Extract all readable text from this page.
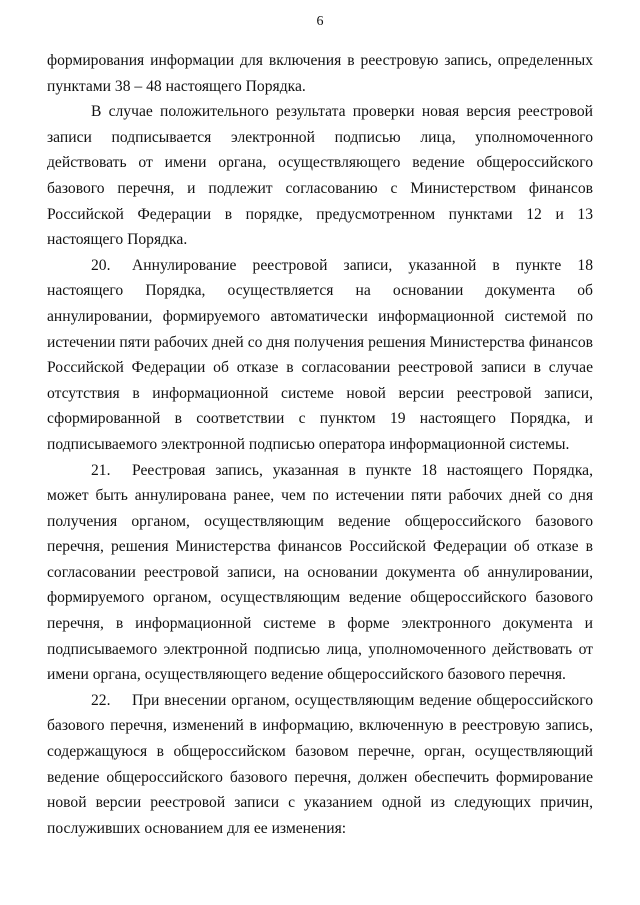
6

формирования информации для включения в реестровую запись, определенных пунктами 38 – 48 настоящего Порядка.

В случае положительного результата проверки новая версия реестровой записи подписывается электронной подписью лица, уполномоченного действовать от имени органа, осуществляющего ведение общероссийского базового перечня, и подлежит согласованию с Министерством финансов Российской Федерации в порядке, предусмотренном пунктами 12 и 13 настоящего Порядка.

20. Аннулирование реестровой записи, указанной в пункте 18 настоящего Порядка, осуществляется на основании документа об аннулировании, формируемого автоматически информационной системой по истечении пяти рабочих дней со дня получения решения Министерства финансов Российской Федерации об отказе в согласовании реестровой записи в случае отсутствия в информационной системе новой версии реестровой записи, сформированной в соответствии с пунктом 19 настоящего Порядка, и подписываемого электронной подписью оператора информационной системы.

21. Реестровая запись, указанная в пункте 18 настоящего Порядка, может быть аннулирована ранее, чем по истечении пяти рабочих дней со дня получения органом, осуществляющим ведение общероссийского базового перечня, решения Министерства финансов Российской Федерации об отказе в согласовании реестровой записи, на основании документа об аннулировании, формируемого органом, осуществляющим ведение общероссийского базового перечня, в информационной системе в форме электронного документа и подписываемого электронной подписью лица, уполномоченного действовать от имени органа, осуществляющего ведение общероссийского базового перечня.

22. При внесении органом, осуществляющим ведение общероссийского базового перечня, изменений в информацию, включенную в реестровую запись, содержащуюся в общероссийском базовом перечне, орган, осуществляющий ведение общероссийского базового перечня, должен обеспечить формирование новой версии реестровой записи с указанием одной из следующих причин, послуживших основанием для ее изменения:
